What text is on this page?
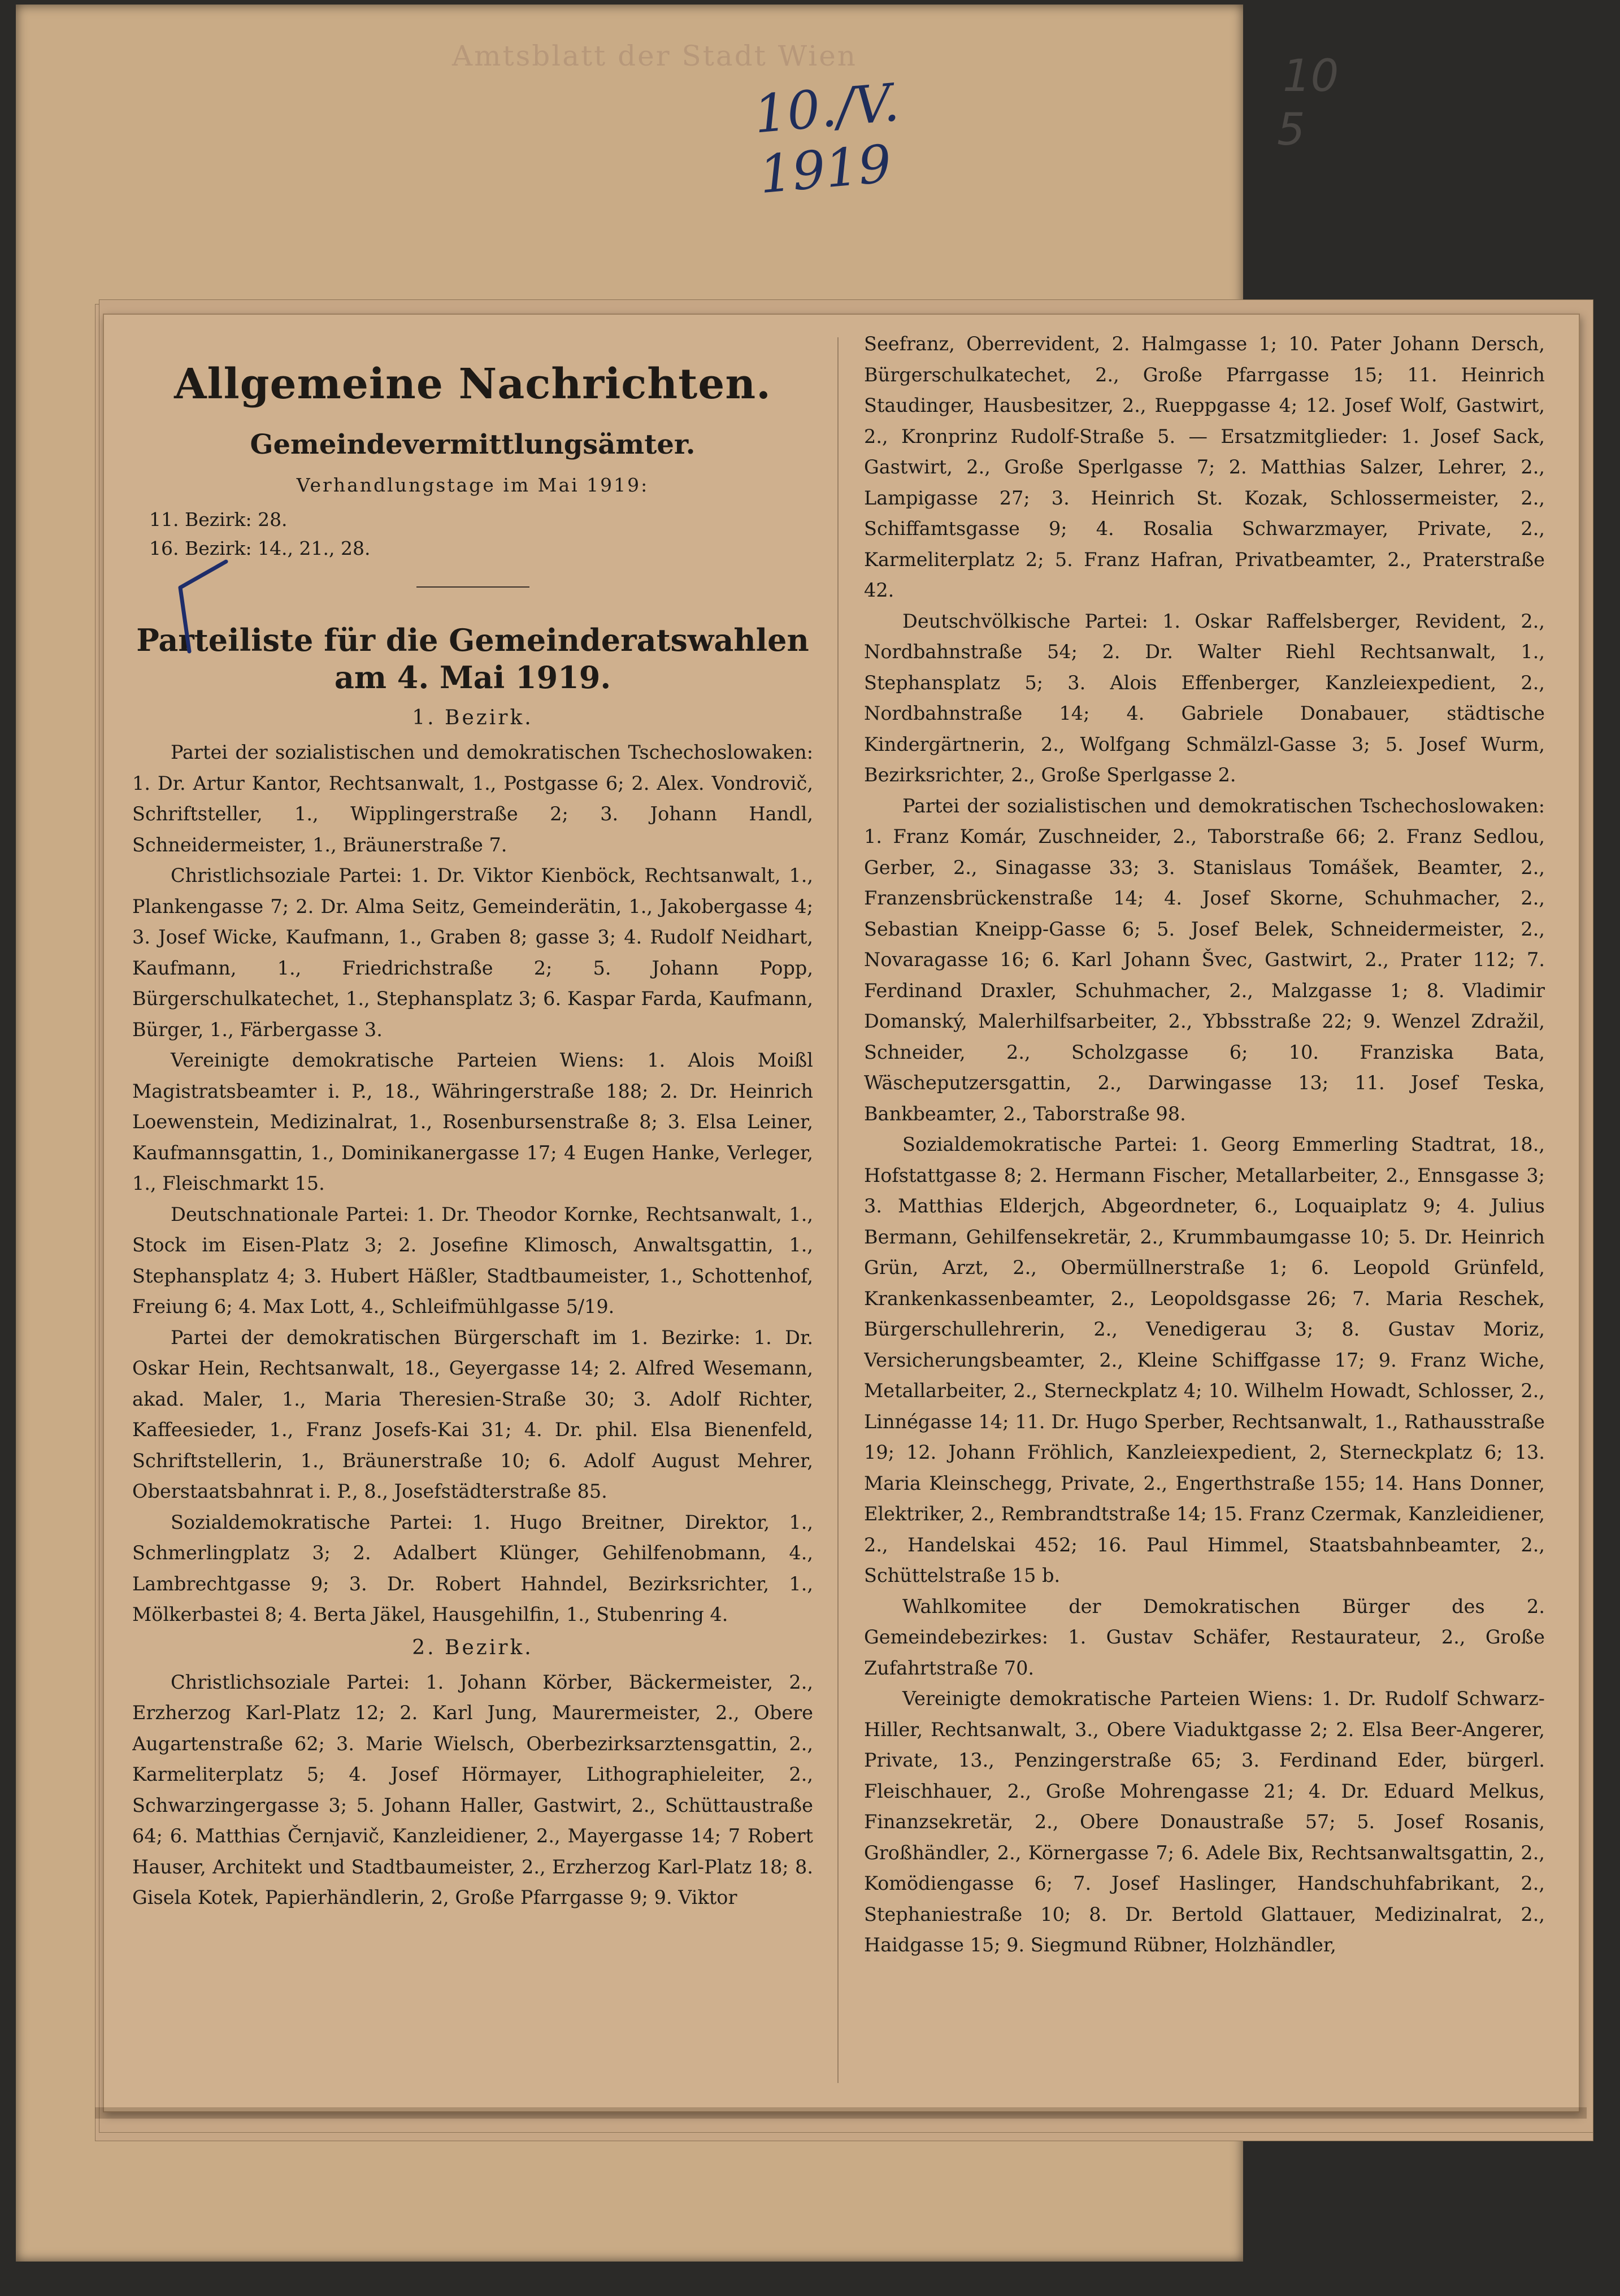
Amtsblatt der Stadt Wien
10./V. 1919
10
5
Allgemeine Nachrichten.
Gemeindevermittlungsämter.
Verhandlungstage im Mai 1919:
11. Bezirk: 28.
16. Bezirk: 14., 21., 28.
Parteiliste für die Gemeinderatswahlen am 4. Mai 1919.
1. Bezirk.

Partei der sozialistischen und demokratischen Tschechoslowaken: 1. Dr. Artur Kantor, Rechtsanwalt, 1., Postgasse 6; 2. Alex. Vondrovič, Schriftsteller, 1., Wipplingerstraße 2; 3. Johann Handl, Schneidermeister, 1., Bräunerstraße 7.

Christlichsoziale Partei: 1. Dr. Viktor Kienböck, Rechtsanwalt, 1., Plankengasse 7; 2. Dr. Alma Seitz, Gemeinderätin, 1., Jakobergasse 4; 3. Josef Wicke, Kaufmann, 1., Graben 8; gasse 3; 4. Rudolf Neidhart, Kaufmann, 1., Friedrichstraße 2; 5. Johann Popp, Bürgerschulkatechet, 1., Stephansplatz 3; 6. Kaspar Farda, Kaufmann, Bürger, 1., Färbergasse 3.

Vereinigte demokratische Parteien Wiens: 1. Alois Moißl Magistratsbeamter i. P., 18., Währingerstraße 188; 2. Dr. Heinrich Loewenstein, Medizinalrat, 1., Rosenbursenstraße 8; 3. Elsa Leiner, Kaufmannsgattin, 1., Dominikanergasse 17; 4 Eugen Hanke, Verleger, 1., Fleischmarkt 15.

Deutschnationale Partei: 1. Dr. Theodor Kornke, Rechtsanwalt, 1., Stock im Eisen-Platz 3; 2. Josefine Klimosch, Anwaltsgattin, 1., Stephansplatz 4; 3. Hubert Häßler, Stadtbaumeister, 1., Schottenhof, Freiung 6; 4. Max Lott, 4., Schleifmühlgasse 5/19.

Partei der demokratischen Bürgerschaft im 1. Bezirke: 1. Dr. Oskar Hein, Rechtsanwalt, 18., Geyergasse 14; 2. Alfred Wesemann, akad. Maler, 1., Maria Theresien-Straße 30; 3. Adolf Richter, Kaffeesieder, 1., Franz Josefs-Kai 31; 4. Dr. phil. Elsa Bienenfeld, Schriftstellerin, 1., Bräunerstraße 10; 6. Adolf August Mehrer, Oberstaatsbahnrat i. P., 8., Josefstädterstraße 85.

Sozialdemokratische Partei: 1. Hugo Breitner, Direktor, 1., Schmerlingplatz 3; 2. Adalbert Klünger, Gehilfenobmann, 4., Lambrechtgasse 9; 3. Dr. Robert Hahndel, Bezirksrichter, 1., Mölkerbastei 8; 4. Berta Jäkel, Hausgehilfin, 1., Stubenring 4.

2. Bezirk.

Christlichsoziale Partei: 1. Johann Körber, Bäckermeister, 2., Erzherzog Karl-Platz 12; 2. Karl Jung, Maurermeister, 2., Obere Augartenstraße 62; 3. Marie Wielsch, Oberbezirksarztensgattin, 2., Karmeliterplatz 5; 4. Josef Hörmayer, Lithographieleiter, 2., Schwarzingergasse 3; 5. Johann Haller, Gastwirt, 2., Schüttaustraße 64; 6. Matthias Černjavič, Kanzleidiener, 2., Mayergasse 14; 7 Robert Hauser, Architekt und Stadtbaumeister, 2., Erzherzog Karl-Platz 18; 8. Gisela Kotek, Papierhändlerin, 2, Große Pfarrgasse 9; 9. Viktor

Seefranz, Oberrevident, 2. Halmgasse 1; 10. Pater Johann Dersch, Bürgerschulkatechet, 2., Große Pfarrgasse 15; 11. Heinrich Staudinger, Hausbesitzer, 2., Rueppgasse 4; 12. Josef Wolf, Gastwirt, 2., Kronprinz Rudolf-Straße 5. — Ersatzmitglieder: 1. Josef Sack, Gastwirt, 2., Große Sperlgasse 7; 2. Matthias Salzer, Lehrer, 2., Lampigasse 27; 3. Heinrich St. Kozak, Schlossermeister, 2., Schiffamtsgasse 9; 4. Rosalia Schwarzmayer, Private, 2., Karmeliterplatz 2; 5. Franz Hafran, Privatbeamter, 2., Praterstraße 42.

Deutschvölkische Partei: 1. Oskar Raffelsberger, Revident, 2., Nordbahnstraße 54; 2. Dr. Walter Riehl Rechtsanwalt, 1., Stephansplatz 5; 3. Alois Effenberger, Kanzleiexpedient, 2., Nordbahnstraße 14; 4. Gabriele Donabauer, städtische Kindergärtnerin, 2., Wolfgang Schmälzl-Gasse 3; 5. Josef Wurm, Bezirksrichter, 2., Große Sperlgasse 2.

Partei der sozialistischen und demokratischen Tschechoslowaken: 1. Franz Komár, Zuschneider, 2., Taborstraße 66; 2. Franz Sedlou, Gerber, 2., Sinagasse 33; 3. Stanislaus Tomášek, Beamter, 2., Franzensbrückenstraße 14; 4. Josef Skorne, Schuhmacher, 2., Sebastian Kneipp-Gasse 6; 5. Josef Belek, Schneidermeister, 2., Novaragasse 16; 6. Karl Johann Švec, Gastwirt, 2., Prater 112; 7. Ferdinand Draxler, Schuhmacher, 2., Malzgasse 1; 8. Vladimir Domanský, Malerhilfsarbeiter, 2., Ybbsstraße 22; 9. Wenzel Zdražil, Schneider, 2., Scholzgasse 6; 10. Franziska Bata, Wäscheputzersgattin, 2., Darwingasse 13; 11. Josef Teska, Bankbeamter, 2., Taborstraße 98.

Sozialdemokratische Partei: 1. Georg Emmerling Stadtrat, 18., Hofstattgasse 8; 2. Hermann Fischer, Metallarbeiter, 2., Ennsgasse 3; 3. Matthias Elderjch, Abgeordneter, 6., Loquaiplatz 9; 4. Julius Bermann, Gehilfensekretär, 2., Krummbaumgasse 10; 5. Dr. Heinrich Grün, Arzt, 2., Obermüllnerstraße 1; 6. Leopold Grünfeld, Krankenkassenbeamter, 2., Leopoldsgasse 26; 7. Maria Reschek, Bürgerschullehrerin, 2., Venedigerau 3; 8. Gustav Moriz, Versicherungsbeamter, 2., Kleine Schiffgasse 17; 9. Franz Wiche, Metallarbeiter, 2., Sterneckplatz 4; 10. Wilhelm Howadt, Schlosser, 2., Linnégasse 14; 11. Dr. Hugo Sperber, Rechtsanwalt, 1., Rathausstraße 19; 12. Johann Fröhlich, Kanzleiexpedient, 2, Sterneckplatz 6; 13. Maria Kleinschegg, Private, 2., Engerthstraße 155; 14. Hans Donner, Elektriker, 2., Rembrandtstraße 14; 15. Franz Czermak, Kanzleidiener, 2., Handelskai 452; 16. Paul Himmel, Staatsbahnbeamter, 2., Schüttelstraße 15 b.

Wahlkomitee der Demokratischen Bürger des 2. Gemeindebezirkes: 1. Gustav Schäfer, Restaurateur, 2., Große Zufahrtstraße 70.

Vereinigte demokratische Parteien Wiens: 1. Dr. Rudolf Schwarz-Hiller, Rechtsanwalt, 3., Obere Viaduktgasse 2; 2. Elsa Beer-Angerer, Private, 13., Penzingerstraße 65; 3. Ferdinand Eder, bürgerl. Fleischhauer, 2., Große Mohrengasse 21; 4. Dr. Eduard Melkus, Finanzsekretär, 2., Obere Donaustraße 57; 5. Josef Rosanis, Großhändler, 2., Körnergasse 7; 6. Adele Bix, Rechtsanwaltsgattin, 2., Komödiengasse 6; 7. Josef Haslinger, Handschuhfabrikant, 2., Stephaniestraße 10; 8. Dr. Bertold Glattauer, Medizinalrat, 2., Haidgasse 15; 9. Siegmund Rübner, Holzhändler,
